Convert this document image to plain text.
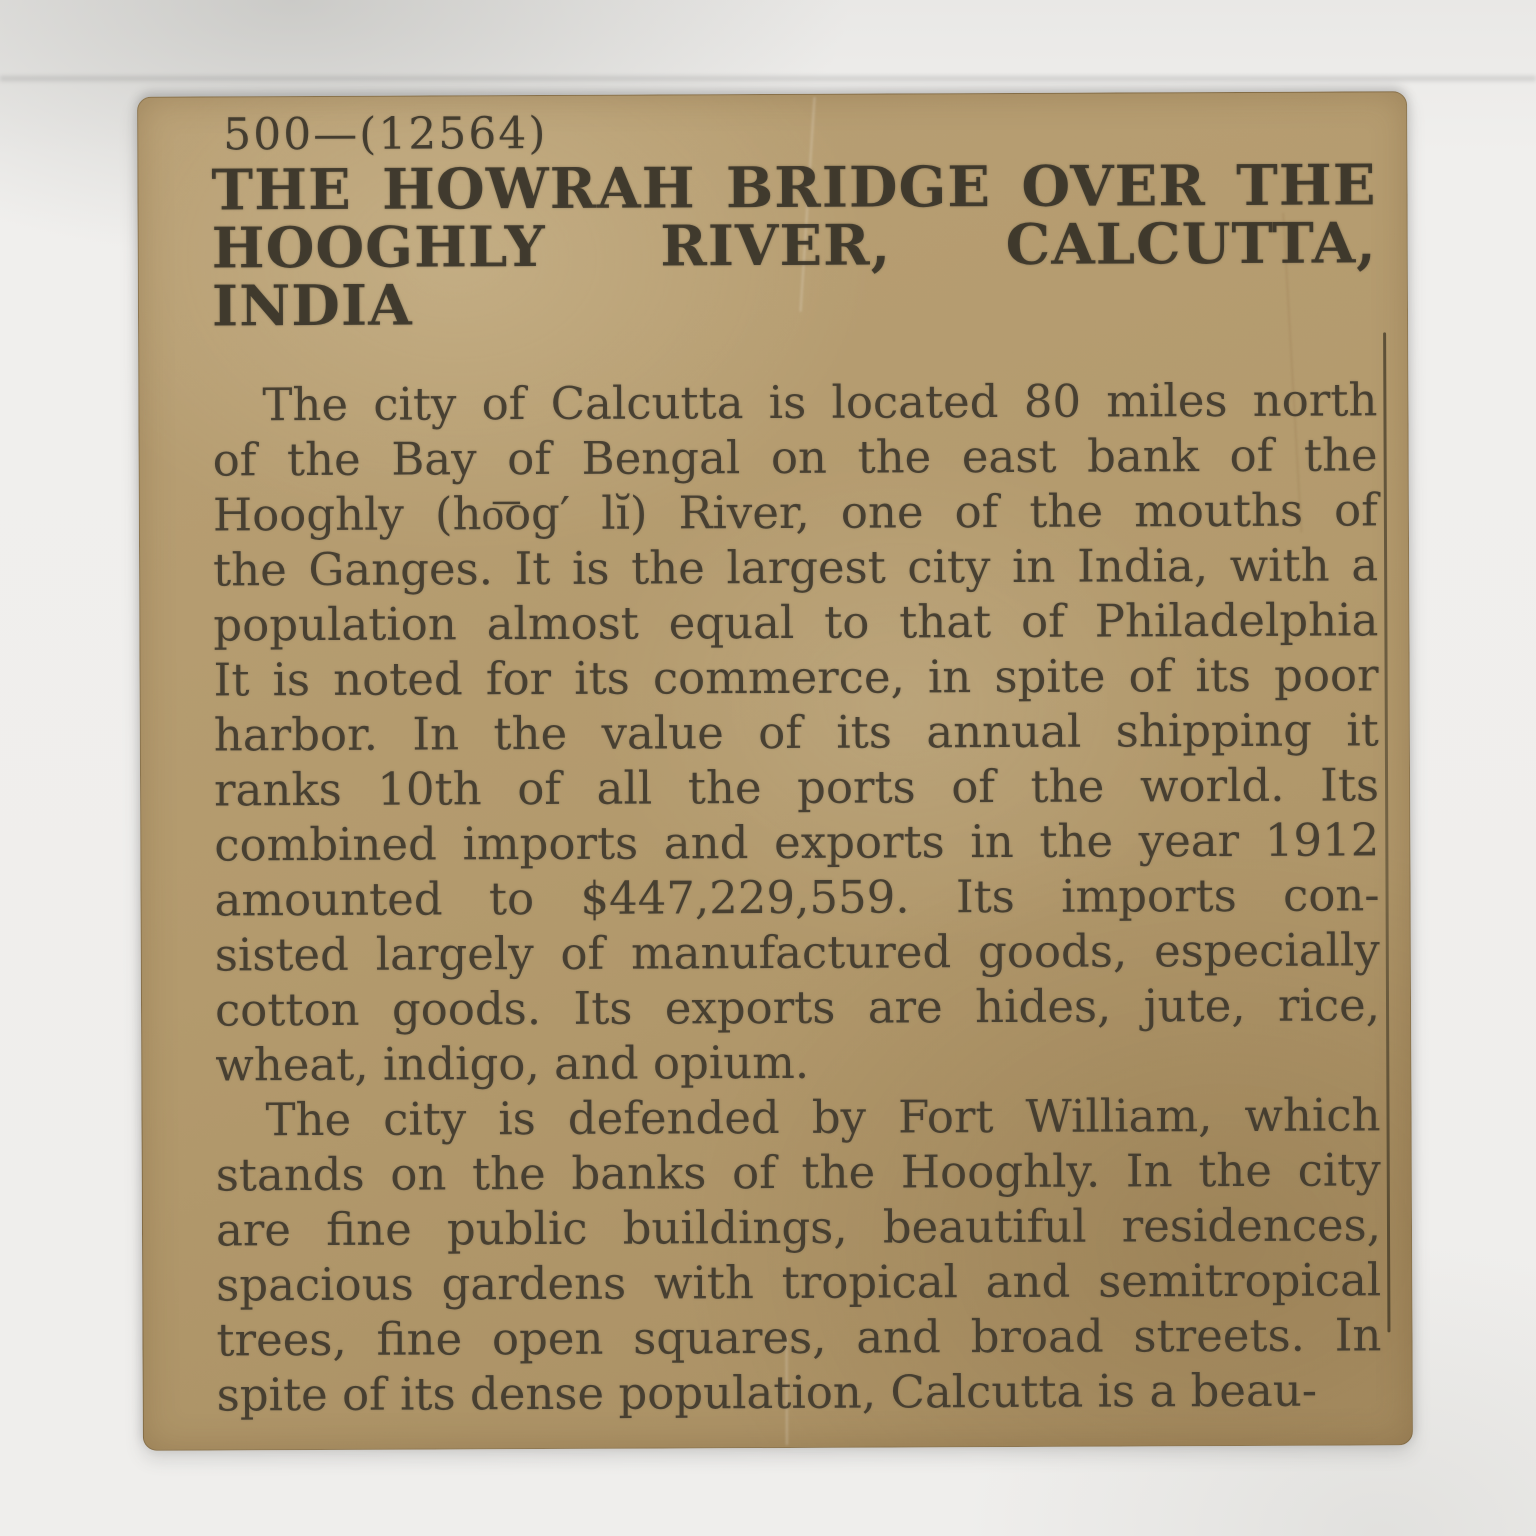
500—(12564)
THE HOWRAH BRIDGE OVER THE
HOOGHLY RIVER, CALCUTTA, INDIA
The city of Calcutta is located 80 miles north
of the Bay of Bengal on the east bank of the
Hooghly (ho͞og′ lĭ) River, one of the mouths of
the Ganges. It is the largest city in India, with a
population almost equal to that of Philadelphia
It is noted for its commerce, in spite of its poor
harbor. In the value of its annual shipping it
ranks 10th of all the ports of the world. Its
combined imports and exports in the year 1912
amounted to $447,229,559. Its imports con-
sisted largely of manufactured goods, especially
cotton goods. Its exports are hides, jute, rice,
wheat, indigo, and opium.
The city is defended by Fort William, which
stands on the banks of the Hooghly. In the city
are fine public buildings, beautiful residences,
spacious gardens with tropical and semitropical
trees, fine open squares, and broad streets. In
spite of its dense population, Calcutta is a beau-
